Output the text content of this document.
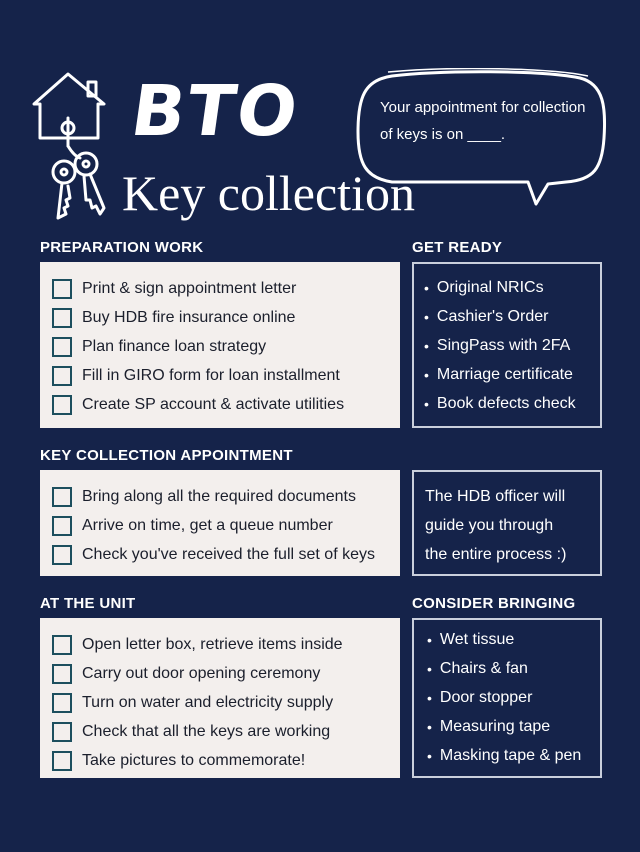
BTO
Key collection
Your appointment for collection of keys is on ____.
PREPARATION WORK
Print & sign appointment letter
Buy HDB fire insurance online
Plan finance loan strategy
Fill in GIRO form for loan installment
Create SP account & activate utilities
GET READY
• Original NRICs
• Cashier's Order
• SingPass with 2FA
• Marriage certificate
• Book defects check
KEY COLLECTION APPOINTMENT
Bring along all the required documents
Arrive on time, get a queue number
Check you've received the full set of keys
The HDB officer will
guide you through
the entire process :)
AT THE UNIT
Open letter box, retrieve items inside
Carry out door opening ceremony
Turn on water and electricity supply
Check that all the keys are working
Take pictures to commemorate!
CONSIDER BRINGING
• Wet tissue
• Chairs & fan
• Door stopper
• Measuring tape
• Masking tape & pen
